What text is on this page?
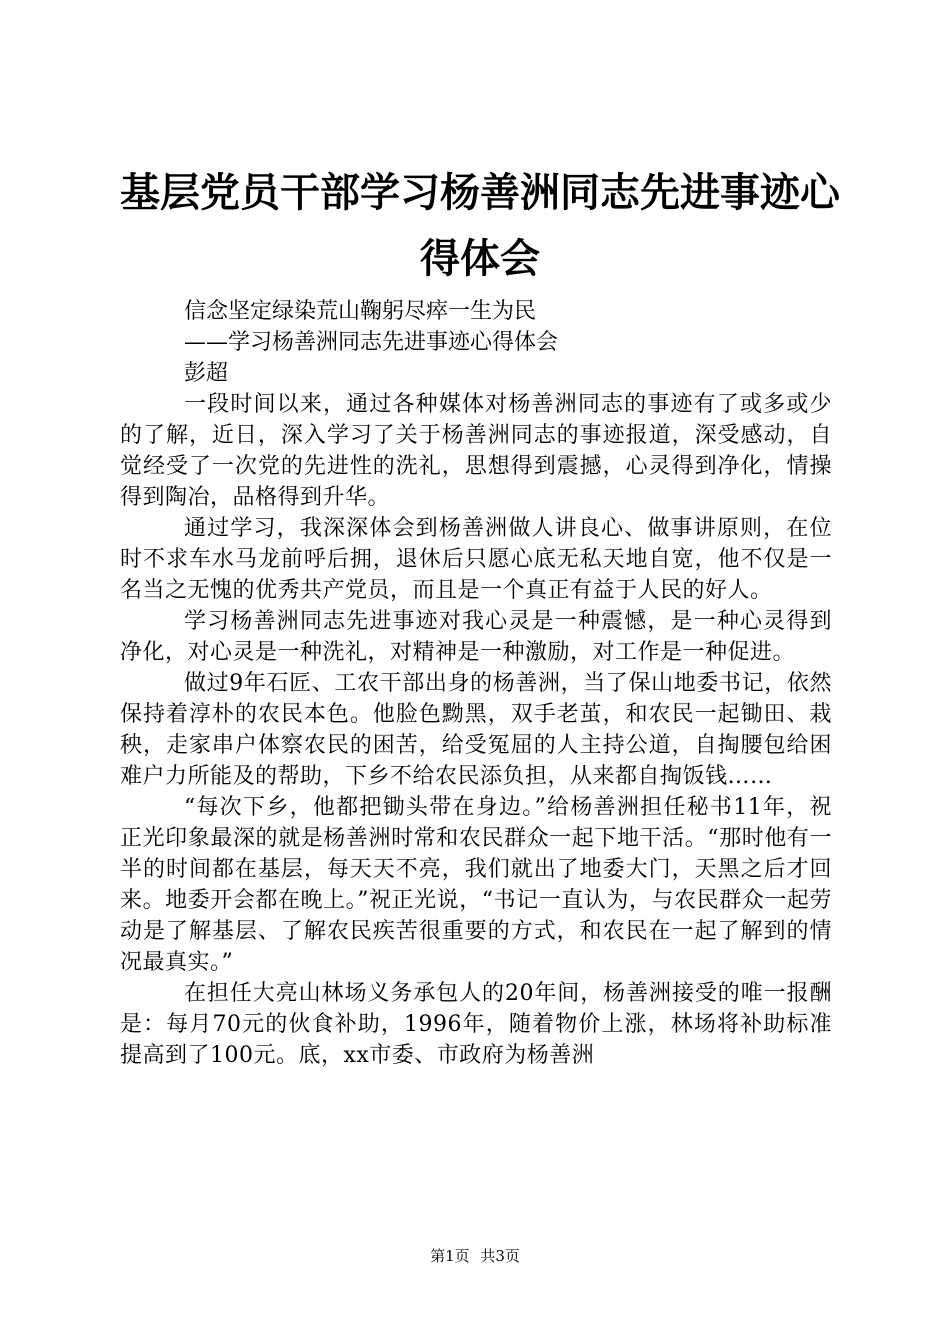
基层党员干部学习杨善洲同志先进事迹心得体会

信念坚定绿染荒山鞠躬尽瘁一生为民

——学习杨善洲同志先进事迹心得体会

彭超

一段时间以来，通过各种媒体对杨善洲同志的事迹有了或多或少的了解，近日，深入学习了关于杨善洲同志的事迹报道，深受感动，自觉经受了一次党的先进性的洗礼，思想得到震撼，心灵得到净化，情操得到陶冶，品格得到升华。

通过学习，我深深体会到杨善洲做人讲良心、做事讲原则，在位时不求车水马龙前呼后拥，退休后只愿心底无私天地自宽，他不仅是一名当之无愧的优秀共产党员，而且是一个真正有益于人民的好人。

学习杨善洲同志先进事迹对我心灵是一种震憾，是一种心灵得到净化，对心灵是一种洗礼，对精神是一种激励，对工作是一种促进。

做过9年石匠、工农干部出身的杨善洲，当了保山地委书记，依然保持着淳朴的农民本色。他脸色黝黑，双手老茧，和农民一起锄田、栽秧，走家串户体察农民的困苦，给受冤屈的人主持公道，自掏腰包给困难户力所能及的帮助，下乡不给农民添负担，从来都自掏饭钱……

“每次下乡，他都把锄头带在身边。”给杨善洲担任秘书11年，祝正光印象最深的就是杨善洲时常和农民群众一起下地干活。“那时他有一半的时间都在基层，每天天不亮，我们就出了地委大门，天黑之后才回来。地委开会都在晚上。”祝正光说，“书记一直认为，与农民群众一起劳动是了解基层、了解农民疾苦很重要的方式，和农民在一起了解到的情况最真实。”

在担任大亮山林场义务承包人的20年间，杨善洲接受的唯一报酬是：每月70元的伙食补助，1996年，随着物价上涨，林场将补助标准提高到了100元。底，xx市委、市政府为杨善洲

第1页 共3页
